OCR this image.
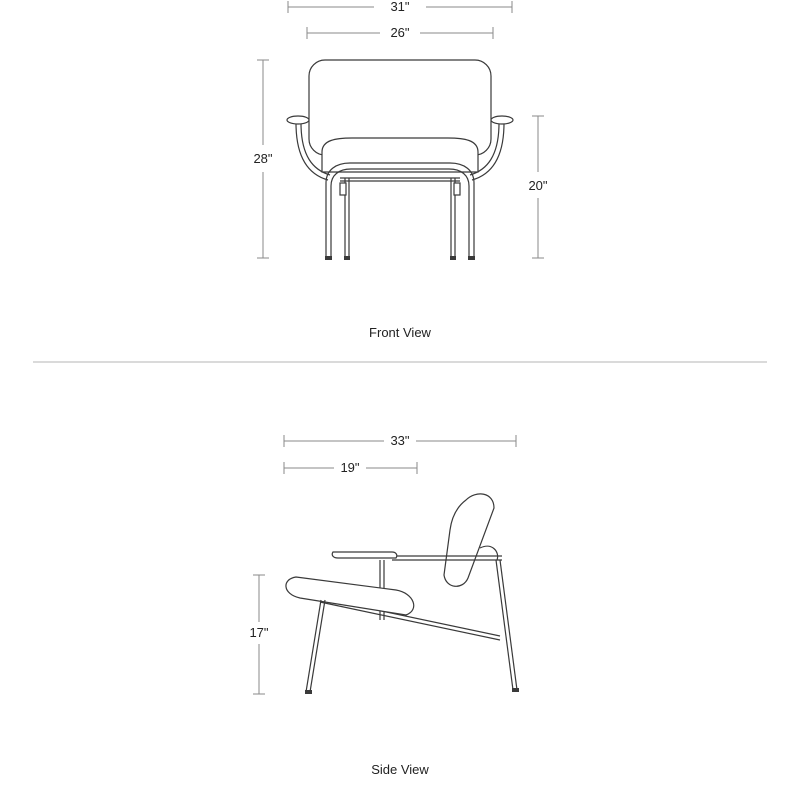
31"
26"
28"
20"
Front View
33"
19"
17"
Side View
